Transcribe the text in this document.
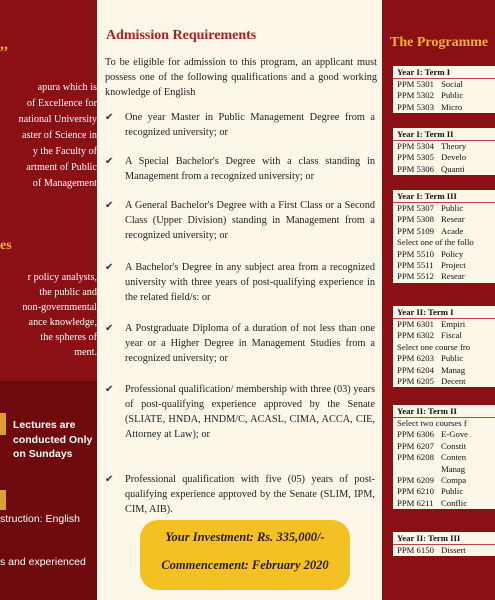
,,
apura which is
of Excellence for
national University
aster of Science in
y the Faculty of
artment of Public
of Management
es
r policy analysts,
the public and
non-governmental
ance knowledge,
the spheres of
ment.
Lectures are
conducted Only
on Sundays
struction: English
s and experienced
Admission Requirements
To be eligible for admission to this program, an applicant must possess one of the following qualifications and a good working knowledge of English
✔ One year Master in Public Management Degree from a recognized university; or
✔ A Special Bachelor's Degree with a class standing in Management from a recognized university; or
✔ A General Bachelor's Degree with a First Class or a Second Class (Upper Division) standing in Management from a recognized university; or
✔ A Bachelor's Degree in any subject area from a recognized university with three years of post-qualifying experience in the related field/s: or
✔ A Postgraduate Diploma of a duration of not less than one year or a Higher Degree in Management Studies from a recognized university; or
✔ Professional qualification/ membership with three (03) years of post-qualifying experience approved by the Senate (SLIATE, HNDA, HNDM/C, ACASL, CIMA, ACCA, CIE, Attorney at Law); or
✔ Professional qualification with five (05) years of post-qualifying experience approved by the Senate (SLIM, IPM, CIM, AIB).
Your Investment: Rs. 335,000/-
Commencement: February 2020
The Programme
Year I: Term I
PPM 5301 Social
PPM 5302 Public
PPM 5303 Micro
Year I: Term II
PPM 5304 Theory
PPM 5305 Develo
PPM 5306 Quanti
Year I: Term III
PPM 5307 Public
PPM 5308 Resear
PPM 5109 Acade
Select one of the follo
PPM 5510 Policy
PPM 5511 Project
PPM 5512 Resear
Year II: Term I
PPM 6301 Empiri
PPM 6302 Fiscal
Select one course fro
PPM 6203 Public
PPM 6204 Manag
PPM 6205 Decent
Year II: Term II
Select two courses f
PPM 6306 E-Gove
PPM 6207 Constit
PPM 6208 Conten
Manag
PPM 6209 Compa
PPM 6210 Public
PPM 6211 Conflic
Year II: Term III
PPM 6150 Dissert
